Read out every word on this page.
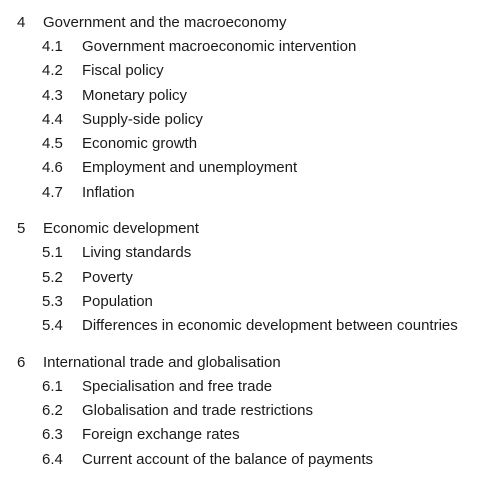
4	Government and the macroeconomy
4.1	Government macroeconomic intervention
4.2	Fiscal policy
4.3	Monetary policy
4.4	Supply-side policy
4.5	Economic growth
4.6	Employment and unemployment
4.7	Inflation
5	Economic development
5.1	Living standards
5.2	Poverty
5.3	Population
5.4	Differences in economic development between countries
6	International trade and globalisation
6.1	Specialisation and free trade
6.2	Globalisation and trade restrictions
6.3	Foreign exchange rates
6.4	Current account of the balance of payments
